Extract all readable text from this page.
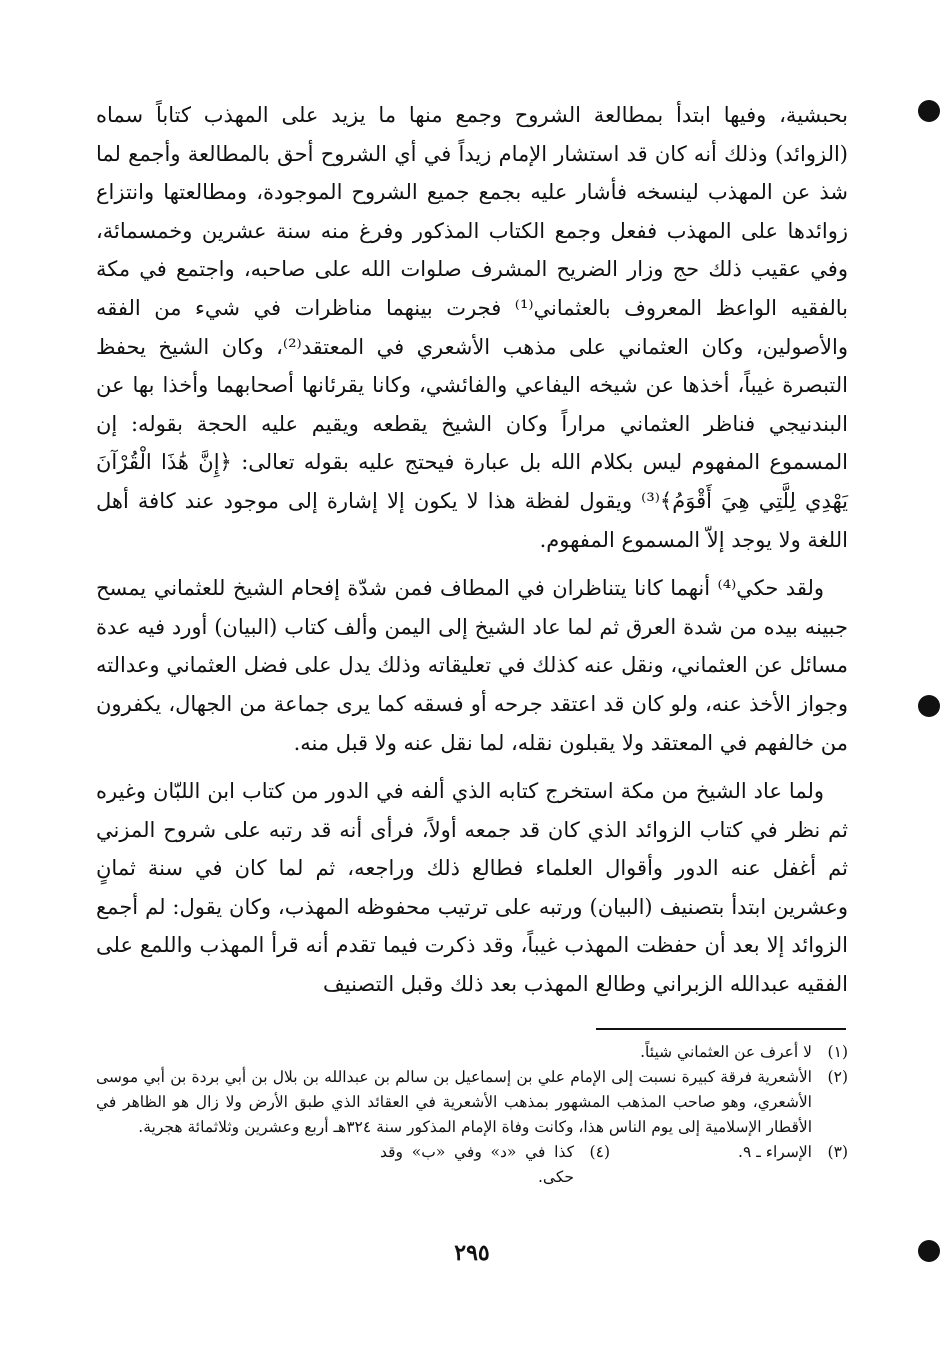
بحبشية، وفيها ابتدأ بمطالعة الشروح وجمع منها ما يزيد على المهذب كتاباً سماه (الزوائد) وذلك أنه كان قد استشار الإمام زيداً في أي الشروح أحق بالمطالعة وأجمع لما شذ عن المهذب لينسخه فأشار عليه بجمع جميع الشروح الموجودة، ومطالعتها وانتزاع زوائدها على المهذب ففعل وجمع الكتاب المذكور وفرغ منه سنة عشرين وخمسمائة، وفي عقيب ذلك حج وزار الضريح المشرف صلوات الله على صاحبه، واجتمع في مكة بالفقيه الواعظ المعروف بالعثماني⁽¹⁾ فجرت بينهما مناظرات في شيء من الفقه والأصولين، وكان العثماني على مذهب الأشعري في المعتقد⁽²⁾، وكان الشيخ يحفظ التبصرة غيباً، أخذها عن شيخه اليفاعي والفائشي، وكانا يقرئانها أصحابهما وأخذا بها عن البندنيجي فناظر العثماني مراراً وكان الشيخ يقطعه ويقيم عليه الحجة بقوله: إن المسموع المفهوم ليس بكلام الله بل عبارة فيحتج عليه بقوله تعالى: ﴿إِنَّ هَٰذَا الْقُرْآنَ يَهْدِي لِلَّتِي هِيَ أَقْوَمُ﴾⁽³⁾ ويقول لفظة هذا لا يكون إلا إشارة إلى موجود عند كافة أهل اللغة ولا يوجد إلاّ المسموع المفهوم.

ولقد حكي⁽⁴⁾ أنهما كانا يتناظران في المطاف فمن شدّة إفحام الشيخ للعثماني يمسح جبينه بيده من شدة العرق ثم لما عاد الشيخ إلى اليمن وألف كتاب (البيان) أورد فيه عدة مسائل عن العثماني، ونقل عنه كذلك في تعليقاته وذلك يدل على فضل العثماني وعدالته وجواز الأخذ عنه، ولو كان قد اعتقد جرحه أو فسقه كما يرى جماعة من الجهال، يكفرون من خالفهم في المعتقد ولا يقبلون نقله، لما نقل عنه ولا قبل منه.

ولما عاد الشيخ من مكة استخرج كتابه الذي ألفه في الدور من كتاب ابن اللبّان وغيره ثم نظر في كتاب الزوائد الذي كان قد جمعه أولاً، فرأى أنه قد رتبه على شروح المزني ثم أغفل عنه الدور وأقوال العلماء فطالع ذلك وراجعه، ثم لما كان في سنة ثمانٍ وعشرين ابتدأ بتصنيف (البيان) ورتبه على ترتيب محفوظه المهذب، وكان يقول: لم أجمع الزوائد إلا بعد أن حفظت المهذب غيباً، وقد ذكرت فيما تقدم أنه قرأ المهذب واللمع على الفقيه عبدالله الزبراني وطالع المهذب بعد ذلك وقبل التصنيف

(١)
لا أعرف عن العثماني شيئاً.
(٢)
الأشعرية فرقة كبيرة نسبت إلى الإمام علي بن إسماعيل بن سالم بن عبدالله بن بلال بن أبي بردة بن أبي موسى الأشعري، وهو صاحب المذهب المشهور بمذهب الأشعرية في العقائد الذي طبق الأرض ولا زال هو الظاهر في الأقطار الإسلامية إلى يوم الناس هذا، وكانت وفاة الإمام المذكور سنة ٣٢٤هـ أربع وعشرين وثلاثمائة هجرية.
(٣)
الإسراء ـ ٩.
(٤)
كذا في «د» وفي «ب» وقد حكى.
٢٩٥
